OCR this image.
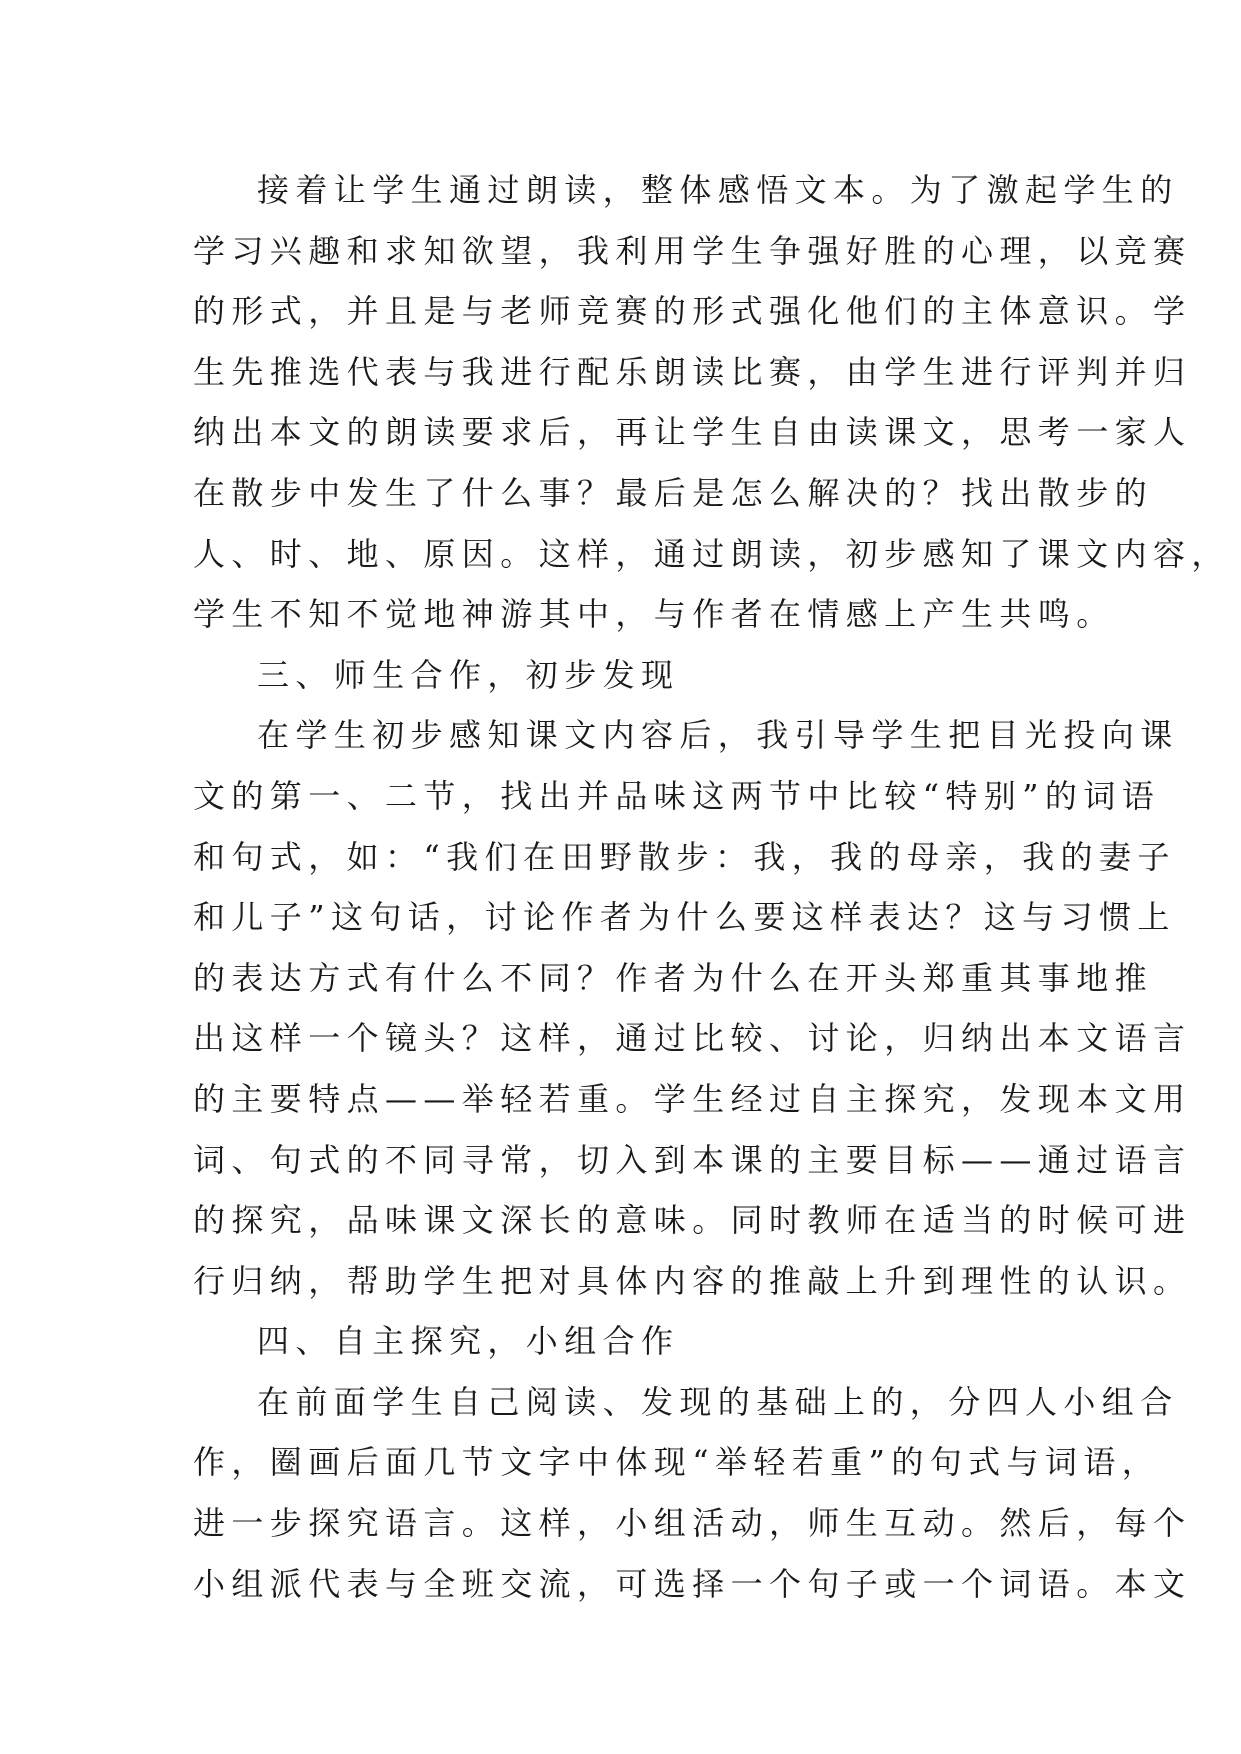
接着让学生通过朗读，整体感悟文本。为了激起学生的
学习兴趣和求知欲望，我利用学生争强好胜的心理，以竞赛
的形式，并且是与老师竞赛的形式强化他们的主体意识。学
生先推选代表与我进行配乐朗读比赛，由学生进行评判并归
纳出本文的朗读要求后，再让学生自由读课文，思考一家人
在散步中发生了什么事？最后是怎么解决的？找出散步的
人、时、地、原因。这样，通过朗读，初步感知了课文内容，
学生不知不觉地神游其中，与作者在情感上产生共鸣。
三、师生合作，初步发现
在学生初步感知课文内容后，我引导学生把目光投向课
文的第一、二节，找出并品味这两节中比较“特别”的词语
和句式，如：“我们在田野散步：我，我的母亲，我的妻子
和儿子”这句话，讨论作者为什么要这样表达？这与习惯上
的表达方式有什么不同？作者为什么在开头郑重其事地推
出这样一个镜头？这样，通过比较、讨论，归纳出本文语言
的主要特点——举轻若重。学生经过自主探究，发现本文用
词、句式的不同寻常，切入到本课的主要目标——通过语言
的探究，品味课文深长的意味。同时教师在适当的时候可进
行归纳，帮助学生把对具体内容的推敲上升到理性的认识。
四、自主探究，小组合作
在前面学生自己阅读、发现的基础上的，分四人小组合
作，圈画后面几节文字中体现“举轻若重”的句式与词语，
进一步探究语言。这样，小组活动，师生互动。然后，每个
小组派代表与全班交流，可选择一个句子或一个词语。本文
